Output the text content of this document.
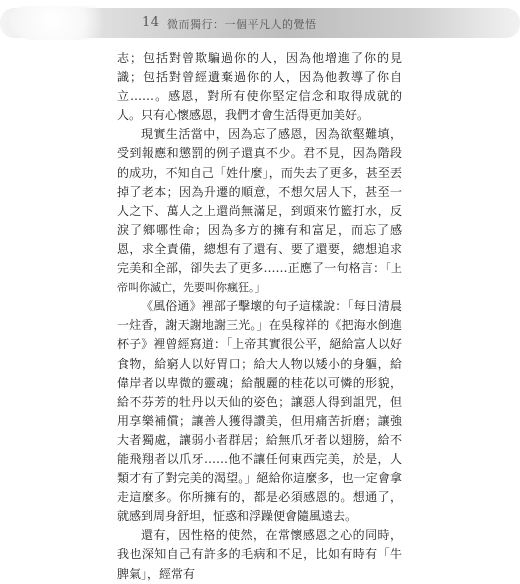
14 微而獨行：一個平凡人的覺悟

志；包括對曾欺騙過你的人，因為他增進了你的見識；包括對曾經遺棄過你的人，因為他教導了你自立……。感恩，對所有使你堅定信念和取得成就的人。只有心懷感恩，我們才會生活得更加美好。

現實生活當中，因為忘了感恩，因為欲壑難填，受到報應和懲罰的例子還真不少。君不見，因為階段的成功，不知自己「姓什麼」，而失去了更多，甚至丟掉了老本；因為升遷的順意，不想欠居人下，甚至一人之下、萬人之上還尚無滿足，到頭來竹籃打水，反淚了鄉哪性命；因為多方的擁有和富足，而忘了感恩，求全責備，總想有了還有、要了還要，總想追求完美和全部，卻失去了更多……正應了一句格言：「上帝叫你滅亡，先要叫你瘋狂。」

《風俗通》裡部子擊壞的句子這樣說：「每日清晨一炷香，謝天謝地謝三光。」在吳稼祥的《把海水倒進杯子》裡曾經寫道：「上帝其實很公平，絕給富人以好食物，給窮人以好胃口；給大人物以矮小的身軀，給偉岸者以卑微的靈魂；給靚麗的桂花以可憐的形貌，給不芬芳的牡丹以天仙的姿色；讓惡人得到詛咒，但用享樂補償；讓善人獲得讚美，但用痛苦折磨；讓強大者獨處，讓弱小者群居；給無爪牙者以翅膀，給不能飛翔者以爪牙……他不讓任何東西完美，於是，人類才有了對完美的渴望。」絕給你這麼多，也一定會拿走這麼多。你所擁有的，都是必須感恩的。想通了，就感到周身舒坦，怔惑和浮躁便會隨風遠去。

還有，因性格的使然，在常懷感恩之心的同時，我也深知自己有許多的毛病和不足，比如有時有「牛脾氣」，經常有
